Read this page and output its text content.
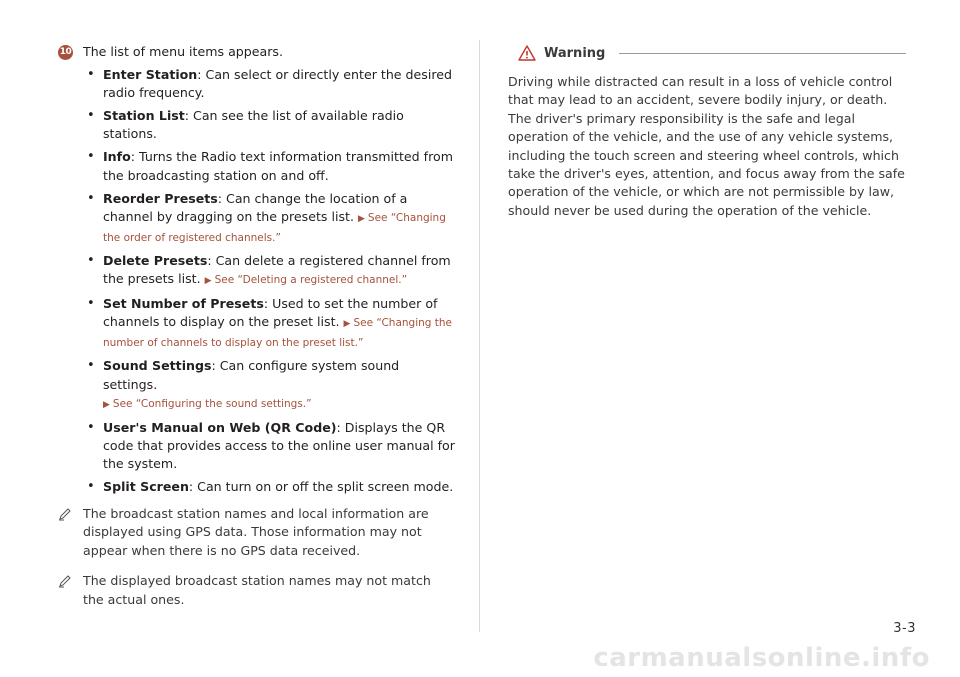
10 The list of menu items appears.
• Enter Station: Can select or directly enter the desired radio frequency.
• Station List: Can see the list of available radio stations.
• Info: Turns the Radio text information transmitted from the broadcasting station on and off.
• Reorder Presets: Can change the location of a channel by dragging on the presets list. ▶ See “Changing the order of registered channels.”
• Delete Presets: Can delete a registered channel from the presets list. ▶ See “Deleting a registered channel.”
• Set Number of Presets: Used to set the number of channels to display on the preset list. ▶ See “Changing the number of channels to display on the preset list.”
• Sound Settings: Can configure system sound settings.
▶ See “Configuring the sound settings.”
• User's Manual on Web (QR Code): Displays the QR code that provides access to the online user manual for the system.
• Split Screen: Can turn on or off the split screen mode.
The broadcast station names and local information are displayed using GPS data. Those information may not appear when there is no GPS data received.
The displayed broadcast station names may not match the actual ones.
Warning
Driving while distracted can result in a loss of vehicle control that may lead to an accident, severe bodily injury, or death. The driver's primary responsibility is the safe and legal operation of the vehicle, and the use of any vehicle systems, including the touch screen and steering wheel controls, which take the driver's eyes, attention, and focus away from the safe operation of the vehicle, or which are not permissible by law, should never be used during the operation of the vehicle.
3-3
carmanualsonline.info
